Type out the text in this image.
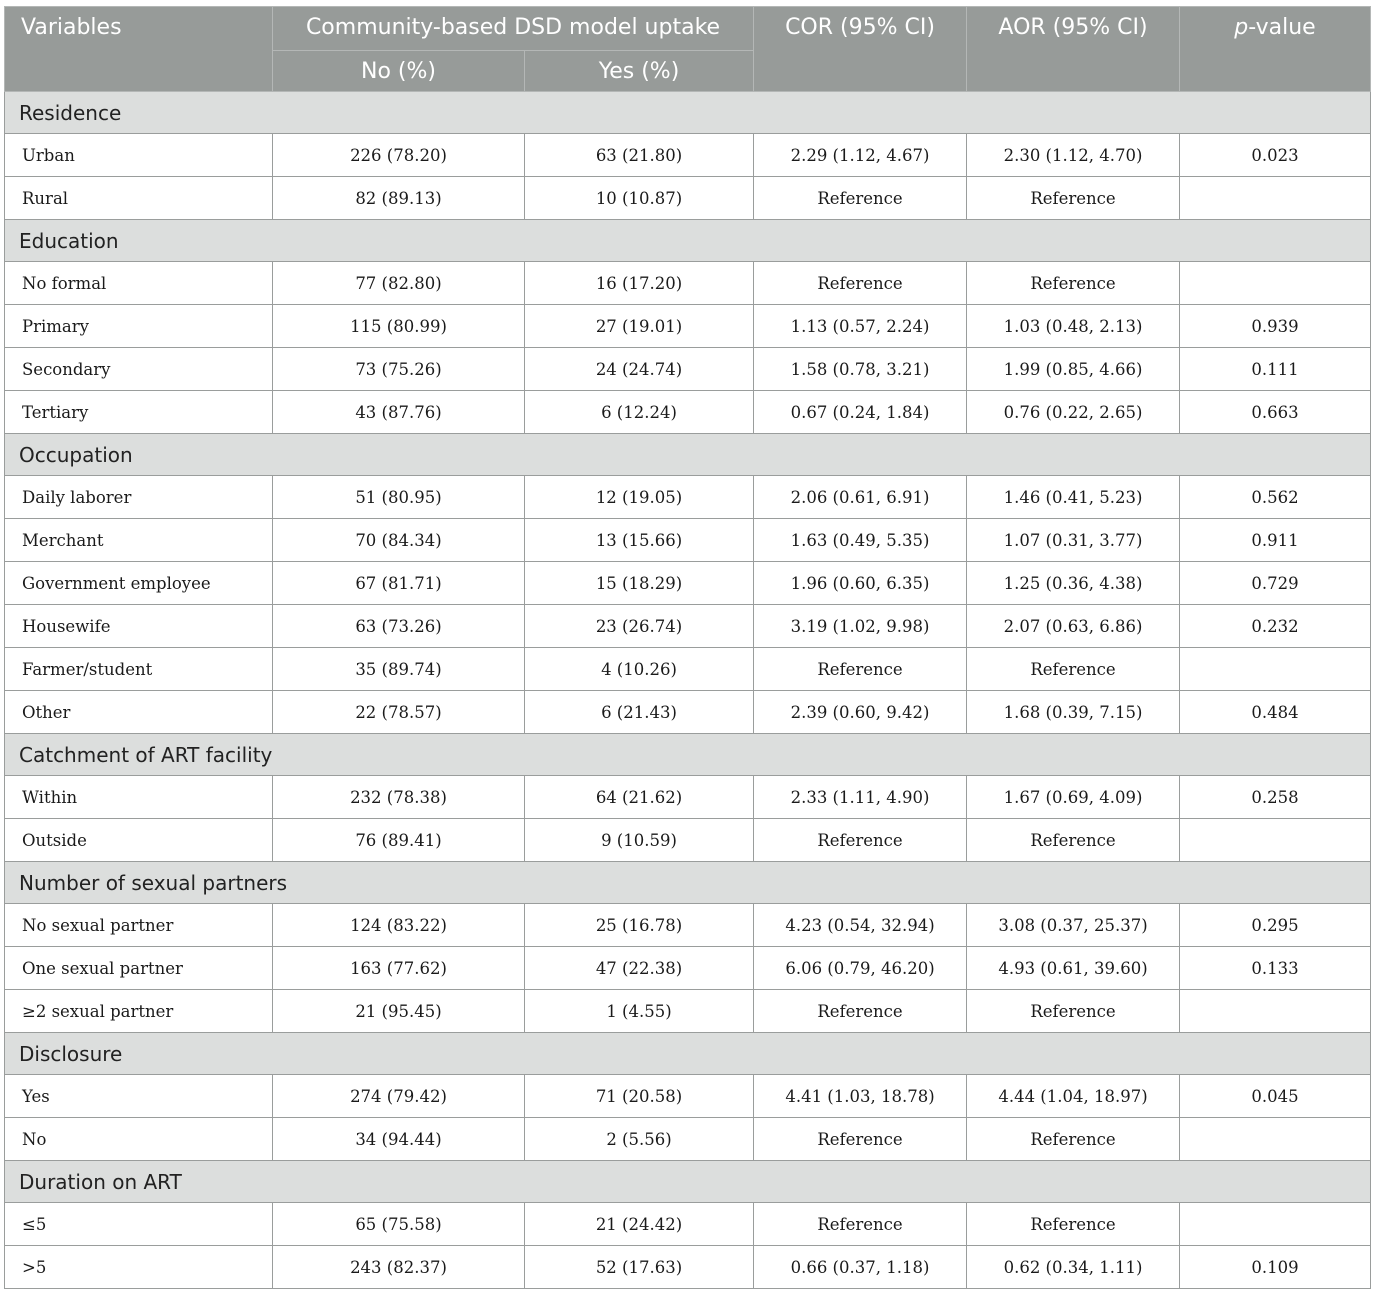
Variables	Community-based DSD model uptake		COR (95% CI)	AOR (95% CI)	p-value
	No (%)	Yes (%)			
Residence					
Urban	226 (78.20)	63 (21.80)	2.29 (1.12, 4.67)	2.30 (1.12, 4.70)	0.023
Rural	82 (89.13)	10 (10.87)	Reference	Reference	
Education					
No formal	77 (82.80)	16 (17.20)	Reference	Reference	
Primary	115 (80.99)	27 (19.01)	1.13 (0.57, 2.24)	1.03 (0.48, 2.13)	0.939
Secondary	73 (75.26)	24 (24.74)	1.58 (0.78, 3.21)	1.99 (0.85, 4.66)	0.111
Tertiary	43 (87.76)	6 (12.24)	0.67 (0.24, 1.84)	0.76 (0.22, 2.65)	0.663
Occupation					
Daily laborer	51 (80.95)	12 (19.05)	2.06 (0.61, 6.91)	1.46 (0.41, 5.23)	0.562
Merchant	70 (84.34)	13 (15.66)	1.63 (0.49, 5.35)	1.07 (0.31, 3.77)	0.911
Government employee	67 (81.71)	15 (18.29)	1.96 (0.60, 6.35)	1.25 (0.36, 4.38)	0.729
Housewife	63 (73.26)	23 (26.74)	3.19 (1.02, 9.98)	2.07 (0.63, 6.86)	0.232
Farmer/student	35 (89.74)	4 (10.26)	Reference	Reference	
Other	22 (78.57)	6 (21.43)	2.39 (0.60, 9.42)	1.68 (0.39, 7.15)	0.484
Catchment of ART facility					
Within	232 (78.38)	64 (21.62)	2.33 (1.11, 4.90)	1.67 (0.69, 4.09)	0.258
Outside	76 (89.41)	9 (10.59)	Reference	Reference	
Number of sexual partners					
No sexual partner	124 (83.22)	25 (16.78)	4.23 (0.54, 32.94)	3.08 (0.37, 25.37)	0.295
One sexual partner	163 (77.62)	47 (22.38)	6.06 (0.79, 46.20)	4.93 (0.61, 39.60)	0.133
≥2 sexual partner	21 (95.45)	1 (4.55)	Reference	Reference	
Disclosure					
Yes	274 (79.42)	71 (20.58)	4.41 (1.03, 18.78)	4.44 (1.04, 18.97)	0.045
No	34 (94.44)	2 (5.56)	Reference	Reference	
Duration on ART					
≤5	65 (75.58)	21 (24.42)	Reference	Reference	
>5	243 (82.37)	52 (17.63)	0.66 (0.37, 1.18)	0.62 (0.34, 1.11)	0.109
